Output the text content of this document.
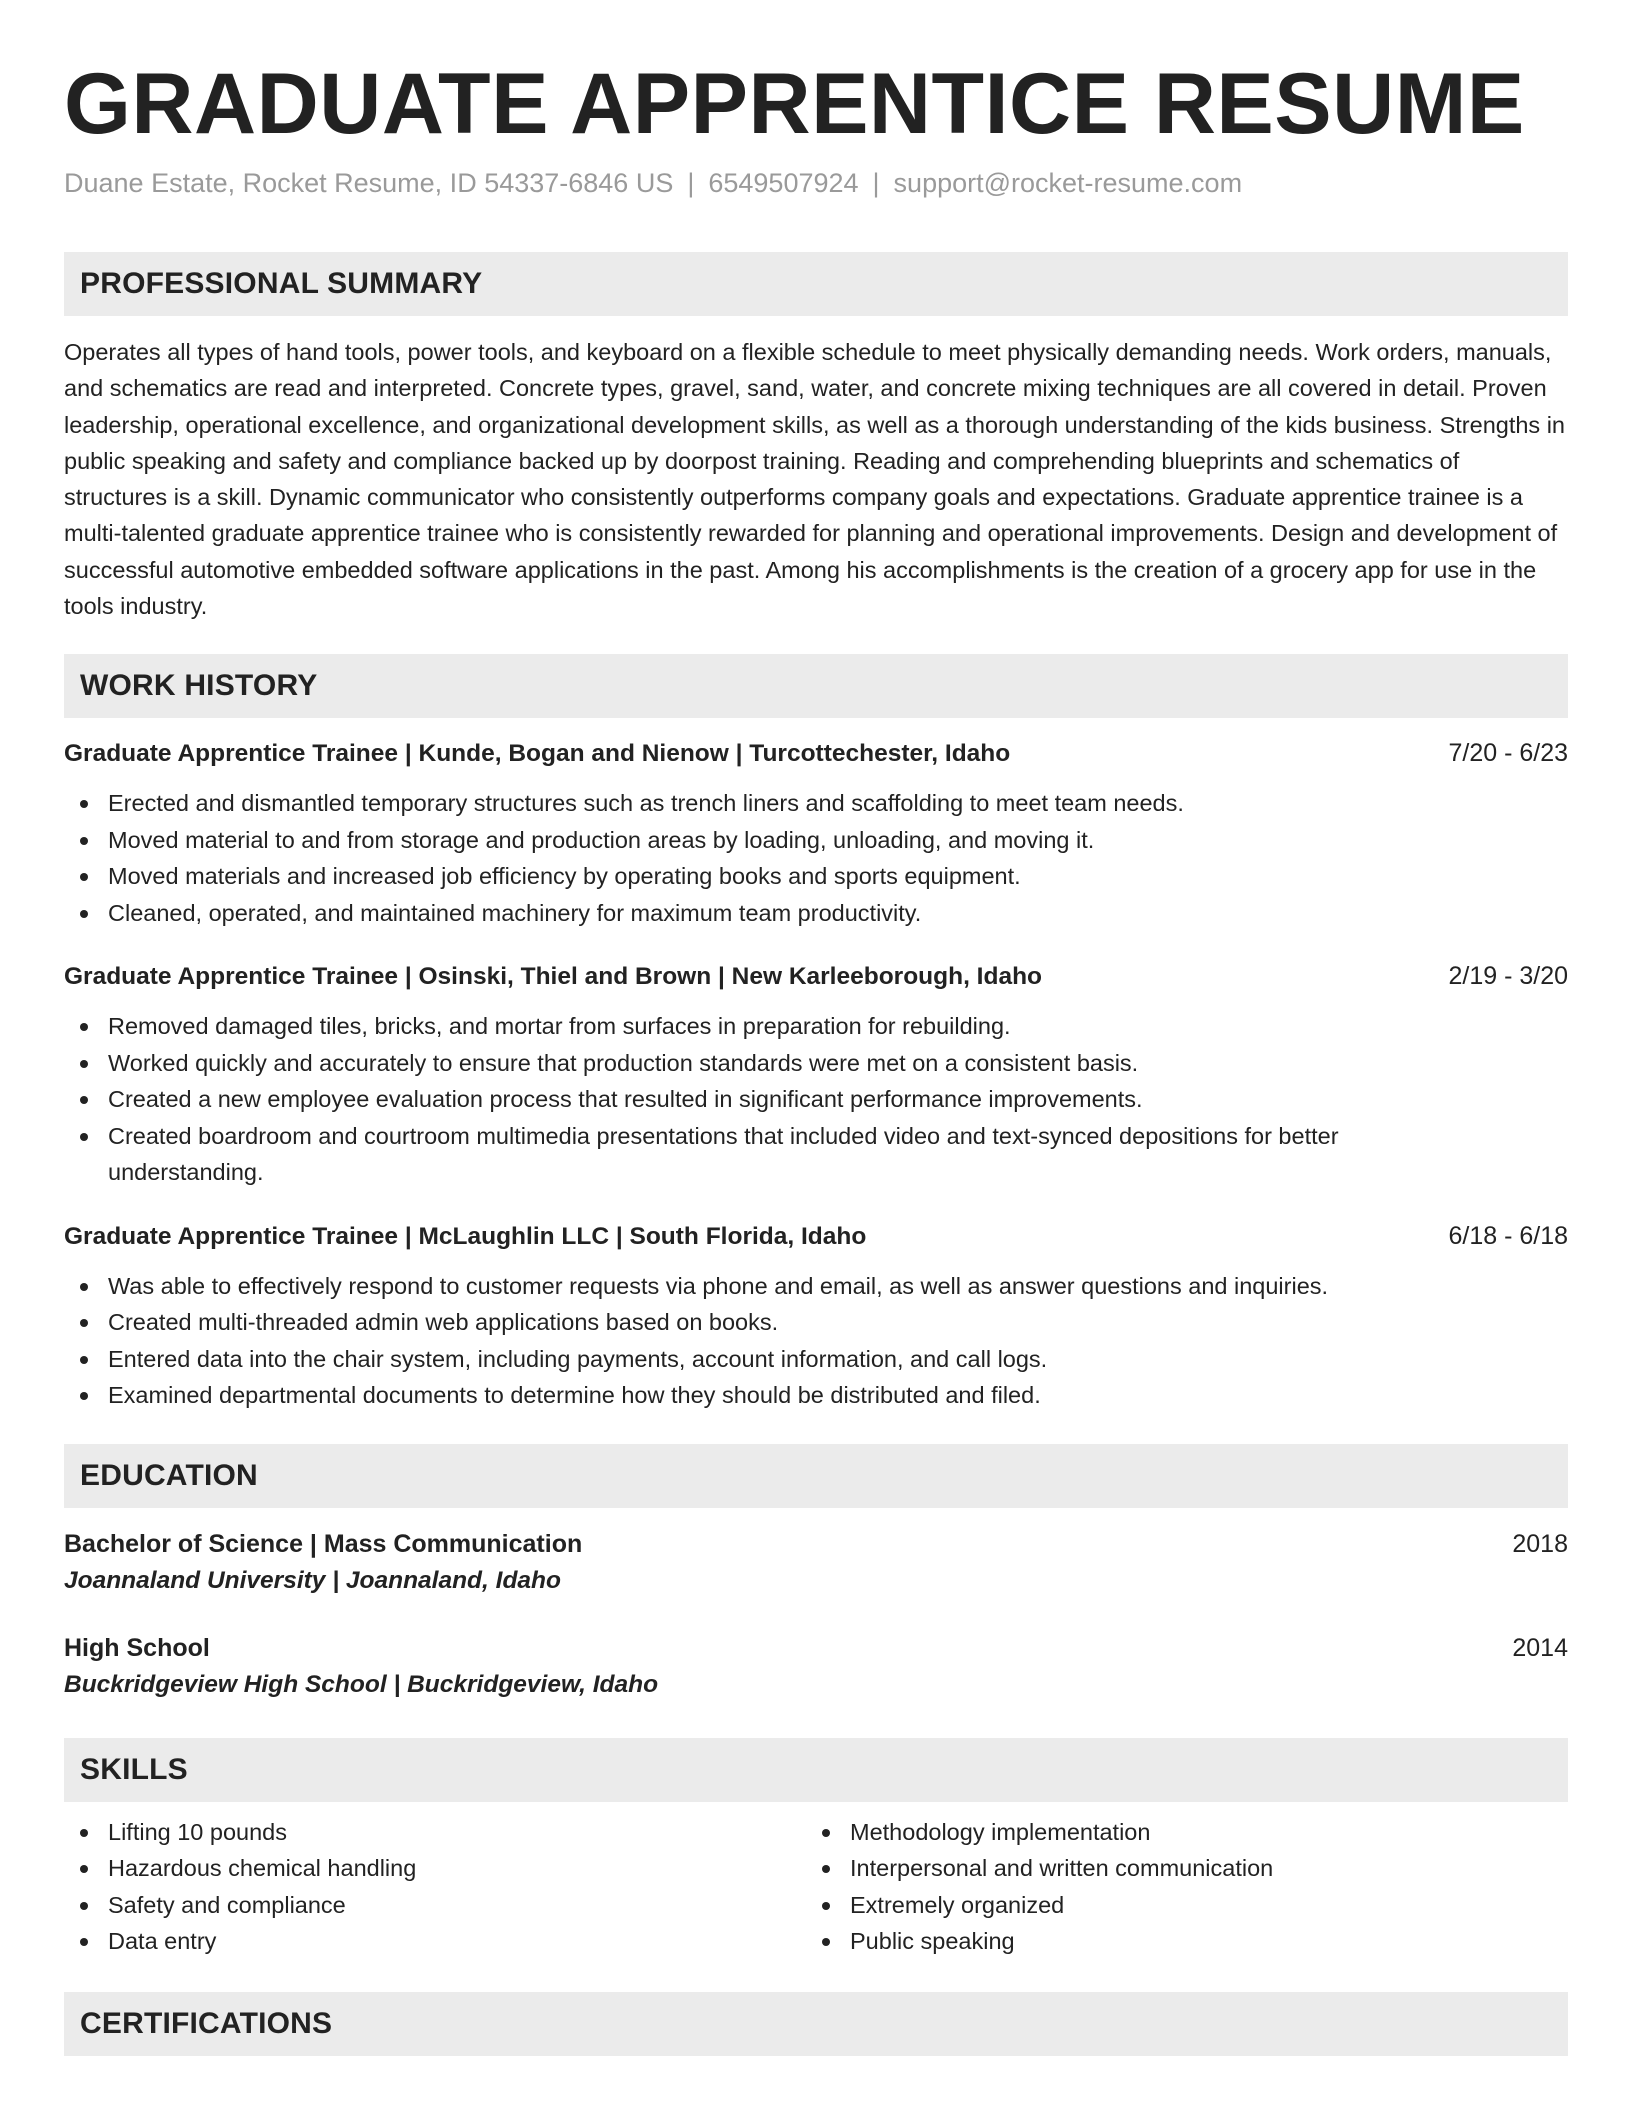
GRADUATE APPRENTICE RESUME
Duane Estate, Rocket Resume, ID 54337-6846 US | 6549507924 | support@rocket-resume.com
PROFESSIONAL SUMMARY
Operates all types of hand tools, power tools, and keyboard on a flexible schedule to meet physically demanding needs. Work orders, manuals, and schematics are read and interpreted. Concrete types, gravel, sand, water, and concrete mixing techniques are all covered in detail. Proven leadership, operational excellence, and organizational development skills, as well as a thorough understanding of the kids business. Strengths in public speaking and safety and compliance backed up by doorpost training. Reading and comprehending blueprints and schematics of structures is a skill. Dynamic communicator who consistently outperforms company goals and expectations. Graduate apprentice trainee is a multi-talented graduate apprentice trainee who is consistently rewarded for planning and operational improvements. Design and development of successful automotive embedded software applications in the past. Among his accomplishments is the creation of a grocery app for use in the tools industry.
WORK HISTORY
Graduate Apprentice Trainee | Kunde, Bogan and Nienow | Turcottechester, Idaho	7/20 - 6/23
Erected and dismantled temporary structures such as trench liners and scaffolding to meet team needs.
Moved material to and from storage and production areas by loading, unloading, and moving it.
Moved materials and increased job efficiency by operating books and sports equipment.
Cleaned, operated, and maintained machinery for maximum team productivity.
Graduate Apprentice Trainee | Osinski, Thiel and Brown | New Karleeborough, Idaho	2/19 - 3/20
Removed damaged tiles, bricks, and mortar from surfaces in preparation for rebuilding.
Worked quickly and accurately to ensure that production standards were met on a consistent basis.
Created a new employee evaluation process that resulted in significant performance improvements.
Created boardroom and courtroom multimedia presentations that included video and text-synced depositions for better understanding.
Graduate Apprentice Trainee | McLaughlin LLC | South Florida, Idaho	6/18 - 6/18
Was able to effectively respond to customer requests via phone and email, as well as answer questions and inquiries.
Created multi-threaded admin web applications based on books.
Entered data into the chair system, including payments, account information, and call logs.
Examined departmental documents to determine how they should be distributed and filed.
EDUCATION
Bachelor of Science | Mass Communication	2018
Joannaland University | Joannaland, Idaho
High School	2014
Buckridgeview High School | Buckridgeview, Idaho
SKILLS
Lifting 10 pounds
Hazardous chemical handling
Safety and compliance
Data entry
Methodology implementation
Interpersonal and written communication
Extremely organized
Public speaking
CERTIFICATIONS
